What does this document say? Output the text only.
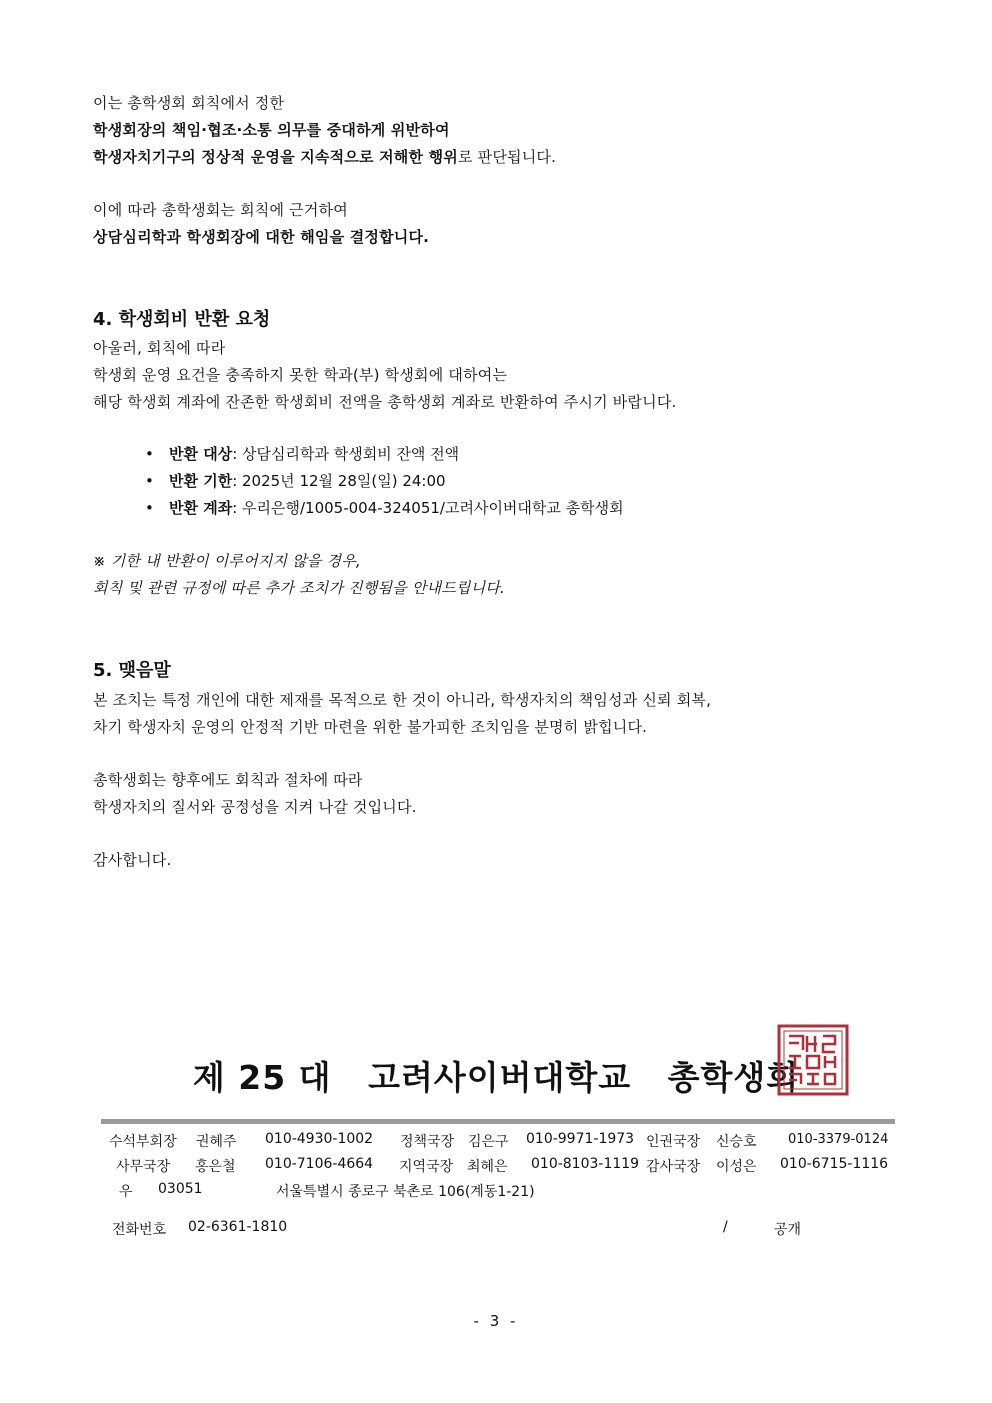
이는 총학생회 회칙에서 정한
학생회장의 책임·협조·소통 의무를 중대하게 위반하여
학생자치기구의 정상적 운영을 지속적으로 저해한 행위로 판단됩니다.
이에 따라 총학생회는 회칙에 근거하여
상담심리학과 학생회장에 대한 해임을 결정합니다.
4. 학생회비 반환 요청
아울러, 회칙에 따라
학생회 운영 요건을 충족하지 못한 학과(부) 학생회에 대하여는
해당 학생회 계좌에 잔존한 학생회비 전액을 총학생회 계좌로 반환하여 주시기 바랍니다.
• 반환 대상: 상담심리학과 학생회비 잔액 전액
• 반환 기한: 2025년 12월 28일(일) 24:00
• 반환 계좌: 우리은행/1005-004-324051/고려사이버대학교 총학생회
※ 기한 내 반환이 이루어지지 않을 경우,
회칙 및 관련 규정에 따른 추가 조치가 진행됨을 안내드립니다.
5. 맺음말
본 조치는 특정 개인에 대한 제재를 목적으로 한 것이 아니라, 학생자치의 책임성과 신뢰 회복,
차기 학생자치 운영의 안정적 기반 마련을 위한 불가피한 조치임을 분명히 밝힙니다.
총학생회는 향후에도 회칙과 절차에 따라
학생자치의 질서와 공정성을 지켜 나갈 것입니다.
감사합니다.
제 25 대 고려사이버대학교 총학생회
수석부회장 권혜주 010-4930-1002 정책국장 김은구 010-9971-1973 인권국장 신승호 010-3379-0124
사무국장 홍은철 010-7106-4664 지역국장 최혜은 010-8103-1119 감사국장 이성은 010-6715-1116
우 03051	서울특별시 종로구 북촌로 106(계동1-21)
전화번호 02-6361-1810	/	공개
- 3 -
